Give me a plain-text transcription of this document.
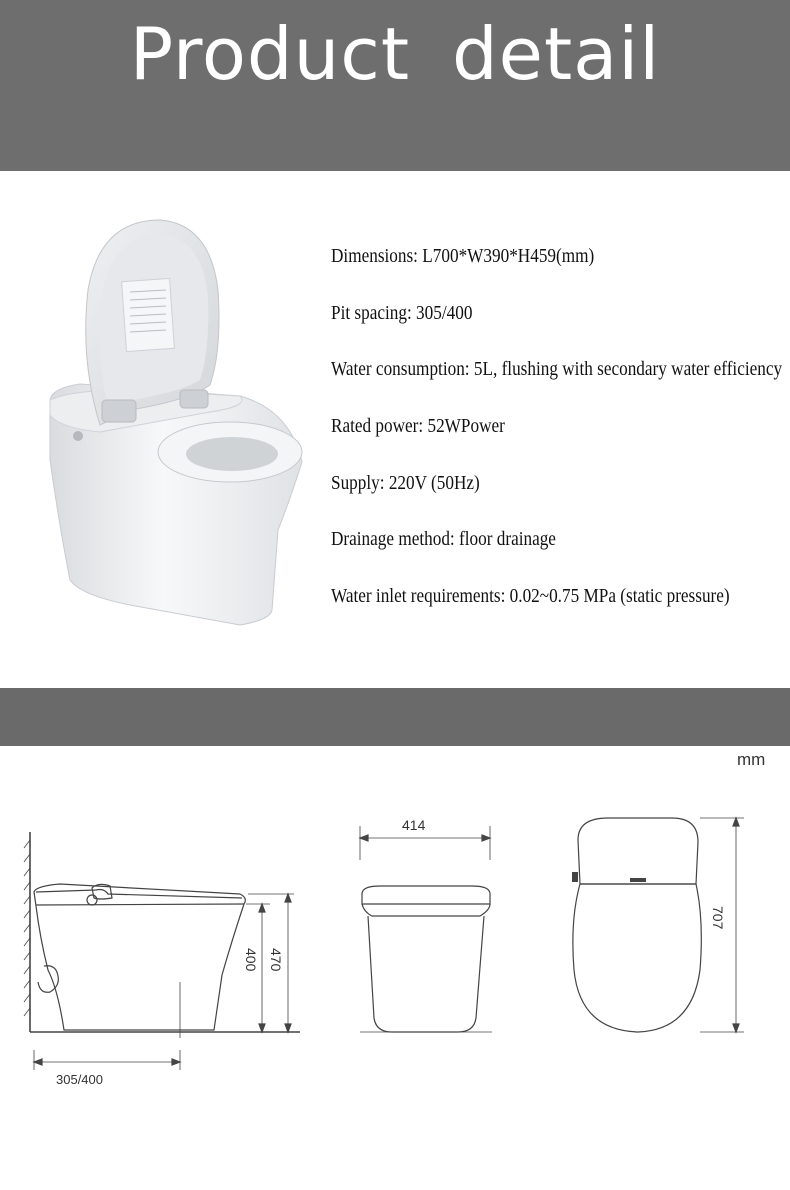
Product detail
Dimensions: L700*W390*H459(mm)
Pit spacing: 305/400
Water consumption: 5L, flushing with secondary water efficiency
Rated power: 52WPower
Supply: 220V (50Hz)
Drainage method: floor drainage
Water inlet requirements: 0.02~0.75 MPa (static pressure)
mm
305/400
400 470
414
707
